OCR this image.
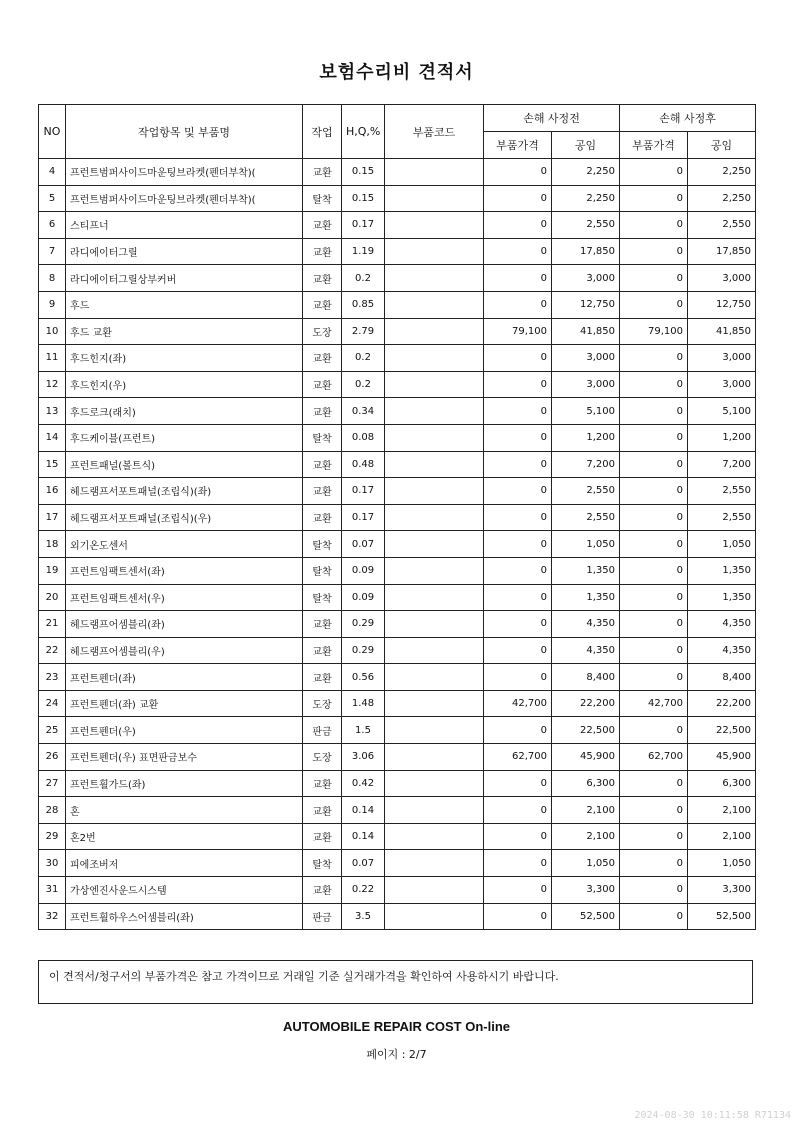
보험수리비 견적서
NO	작업항목 및 부품명	작업	H,Q,%	부품코드	손해 사정전		손해 사정후	
					부품가격	공임	부품가격	공임
4	프런트범퍼사이드마운팅브라켓(펜더부착)(	교환	0.15		0	2,250	0	2,250
5	프런트범퍼사이드마운팅브라켓(펜더부착)(	탈착	0.15		0	2,250	0	2,250
6	스티프너	교환	0.17		0	2,550	0	2,550
7	라디에이터그릴	교환	1.19		0	17,850	0	17,850
8	라디에이터그릴상부커버	교환	0.2		0	3,000	0	3,000
9	후드	교환	0.85		0	12,750	0	12,750
10	후드 교환	도장	2.79		79,100	41,850	79,100	41,850
11	후드힌지(좌)	교환	0.2		0	3,000	0	3,000
12	후드힌지(우)	교환	0.2		0	3,000	0	3,000
13	후드로크(래치)	교환	0.34		0	5,100	0	5,100
14	후드케이블(프런트)	탈착	0.08		0	1,200	0	1,200
15	프런트패널(볼트식)	교환	0.48		0	7,200	0	7,200
16	헤드램프서포트패널(조립식)(좌)	교환	0.17		0	2,550	0	2,550
17	헤드램프서포트패널(조립식)(우)	교환	0.17		0	2,550	0	2,550
18	외기온도센서	탈착	0.07		0	1,050	0	1,050
19	프런트임팩트센서(좌)	탈착	0.09		0	1,350	0	1,350
20	프런트임팩트센서(우)	탈착	0.09		0	1,350	0	1,350
21	헤드램프어셈블리(좌)	교환	0.29		0	4,350	0	4,350
22	헤드램프어셈블리(우)	교환	0.29		0	4,350	0	4,350
23	프런트펜더(좌)	교환	0.56		0	8,400	0	8,400
24	프런트펜더(좌) 교환	도장	1.48		42,700	22,200	42,700	22,200
25	프런트펜더(우)	판금	1.5		0	22,500	0	22,500
26	프런트펜더(우) 표면판금보수	도장	3.06		62,700	45,900	62,700	45,900
27	프런트휠가드(좌)	교환	0.42		0	6,300	0	6,300
28	혼	교환	0.14		0	2,100	0	2,100
29	혼2번	교환	0.14		0	2,100	0	2,100
30	피에조버저	탈착	0.07		0	1,050	0	1,050
31	가상엔진사운드시스템	교환	0.22		0	3,300	0	3,300
32	프런트휠하우스어셈블리(좌)	판금	3.5		0	52,500	0	52,500
이 견적서/청구서의 부품가격은 참고 가격이므로 거래일 기준 실거래가격을 확인하여 사용하시기 바랍니다.
AUTOMOBILE REPAIR COST On-line
페이지 : 2/7
2024-08-30 10:11:58 R71134
